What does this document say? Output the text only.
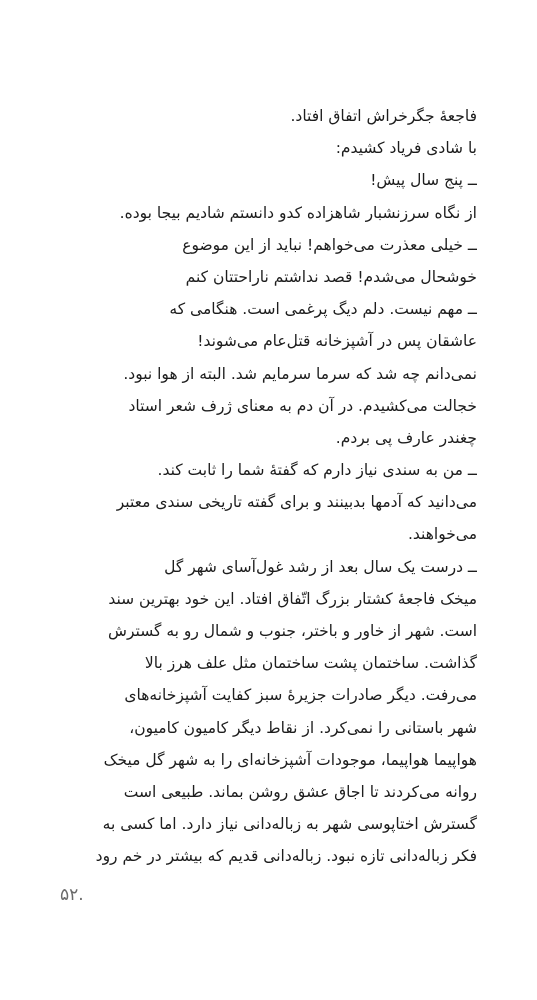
فاجعهٔ جگرخراش اتفاق افتاد.
با شادی فریاد کشیدم:
ــ پنج سال پیش!
از نگاه سرزنشبار شاهزاده کدو دانستم شادیم بیجا بوده.
ــ خیلی معذرت می‌خواهم! نباید از این موضوع
خوشحال می‌شدم! قصد نداشتم ناراحتتان کنم
ــ مهم نیست. دلم دیگ پرغمی است. هنگامی که
عاشقان پس در آشپزخانه قتل‌عام می‌شوند!
نمی‌دانم چه شد که سرما سرمایم شد. البته از هوا نبود.
خجالت می‌کشیدم. در آن دم به معنای ژرف شعر استاد
چغندر عارف پی بردم.
ــ من به سندی نیاز دارم که گفتهٔ شما را ثابت کند.
می‌دانید که آدمها بدبینند و برای گفته تاریخی سندی معتبر
می‌خواهند.
ــ درست یک سال بعد از رشد غول‌آسای شهر گل
میخک فاجعهٔ کشتار بزرگ اتّفاق افتاد. این خود بهترین سند
است. شهر از خاور و باختر، جنوب و شمال رو به گسترش
گذاشت. ساختمان پشت ساختمان مثل علف هرز بالا
می‌رفت. دیگر صادرات جزیرهٔ سبز کفایت آشپزخانه‌های
شهر باستانی را نمی‌کرد. از نقاط دیگر کامیون کامیون،
هواپیما هواپیما، موجودات آشپزخانه‌ای را به شهر گل میخک
روانه می‌کردند تا اجاق عشق روشن بماند. طبیعی است
گسترش اختاپوسی شهر به زباله‌دانی نیاز دارد. اما کسی به
فکر زباله‌دانی تازه نبود. زباله‌دانی قدیم که بیشتر در خم رود
۵۲.
